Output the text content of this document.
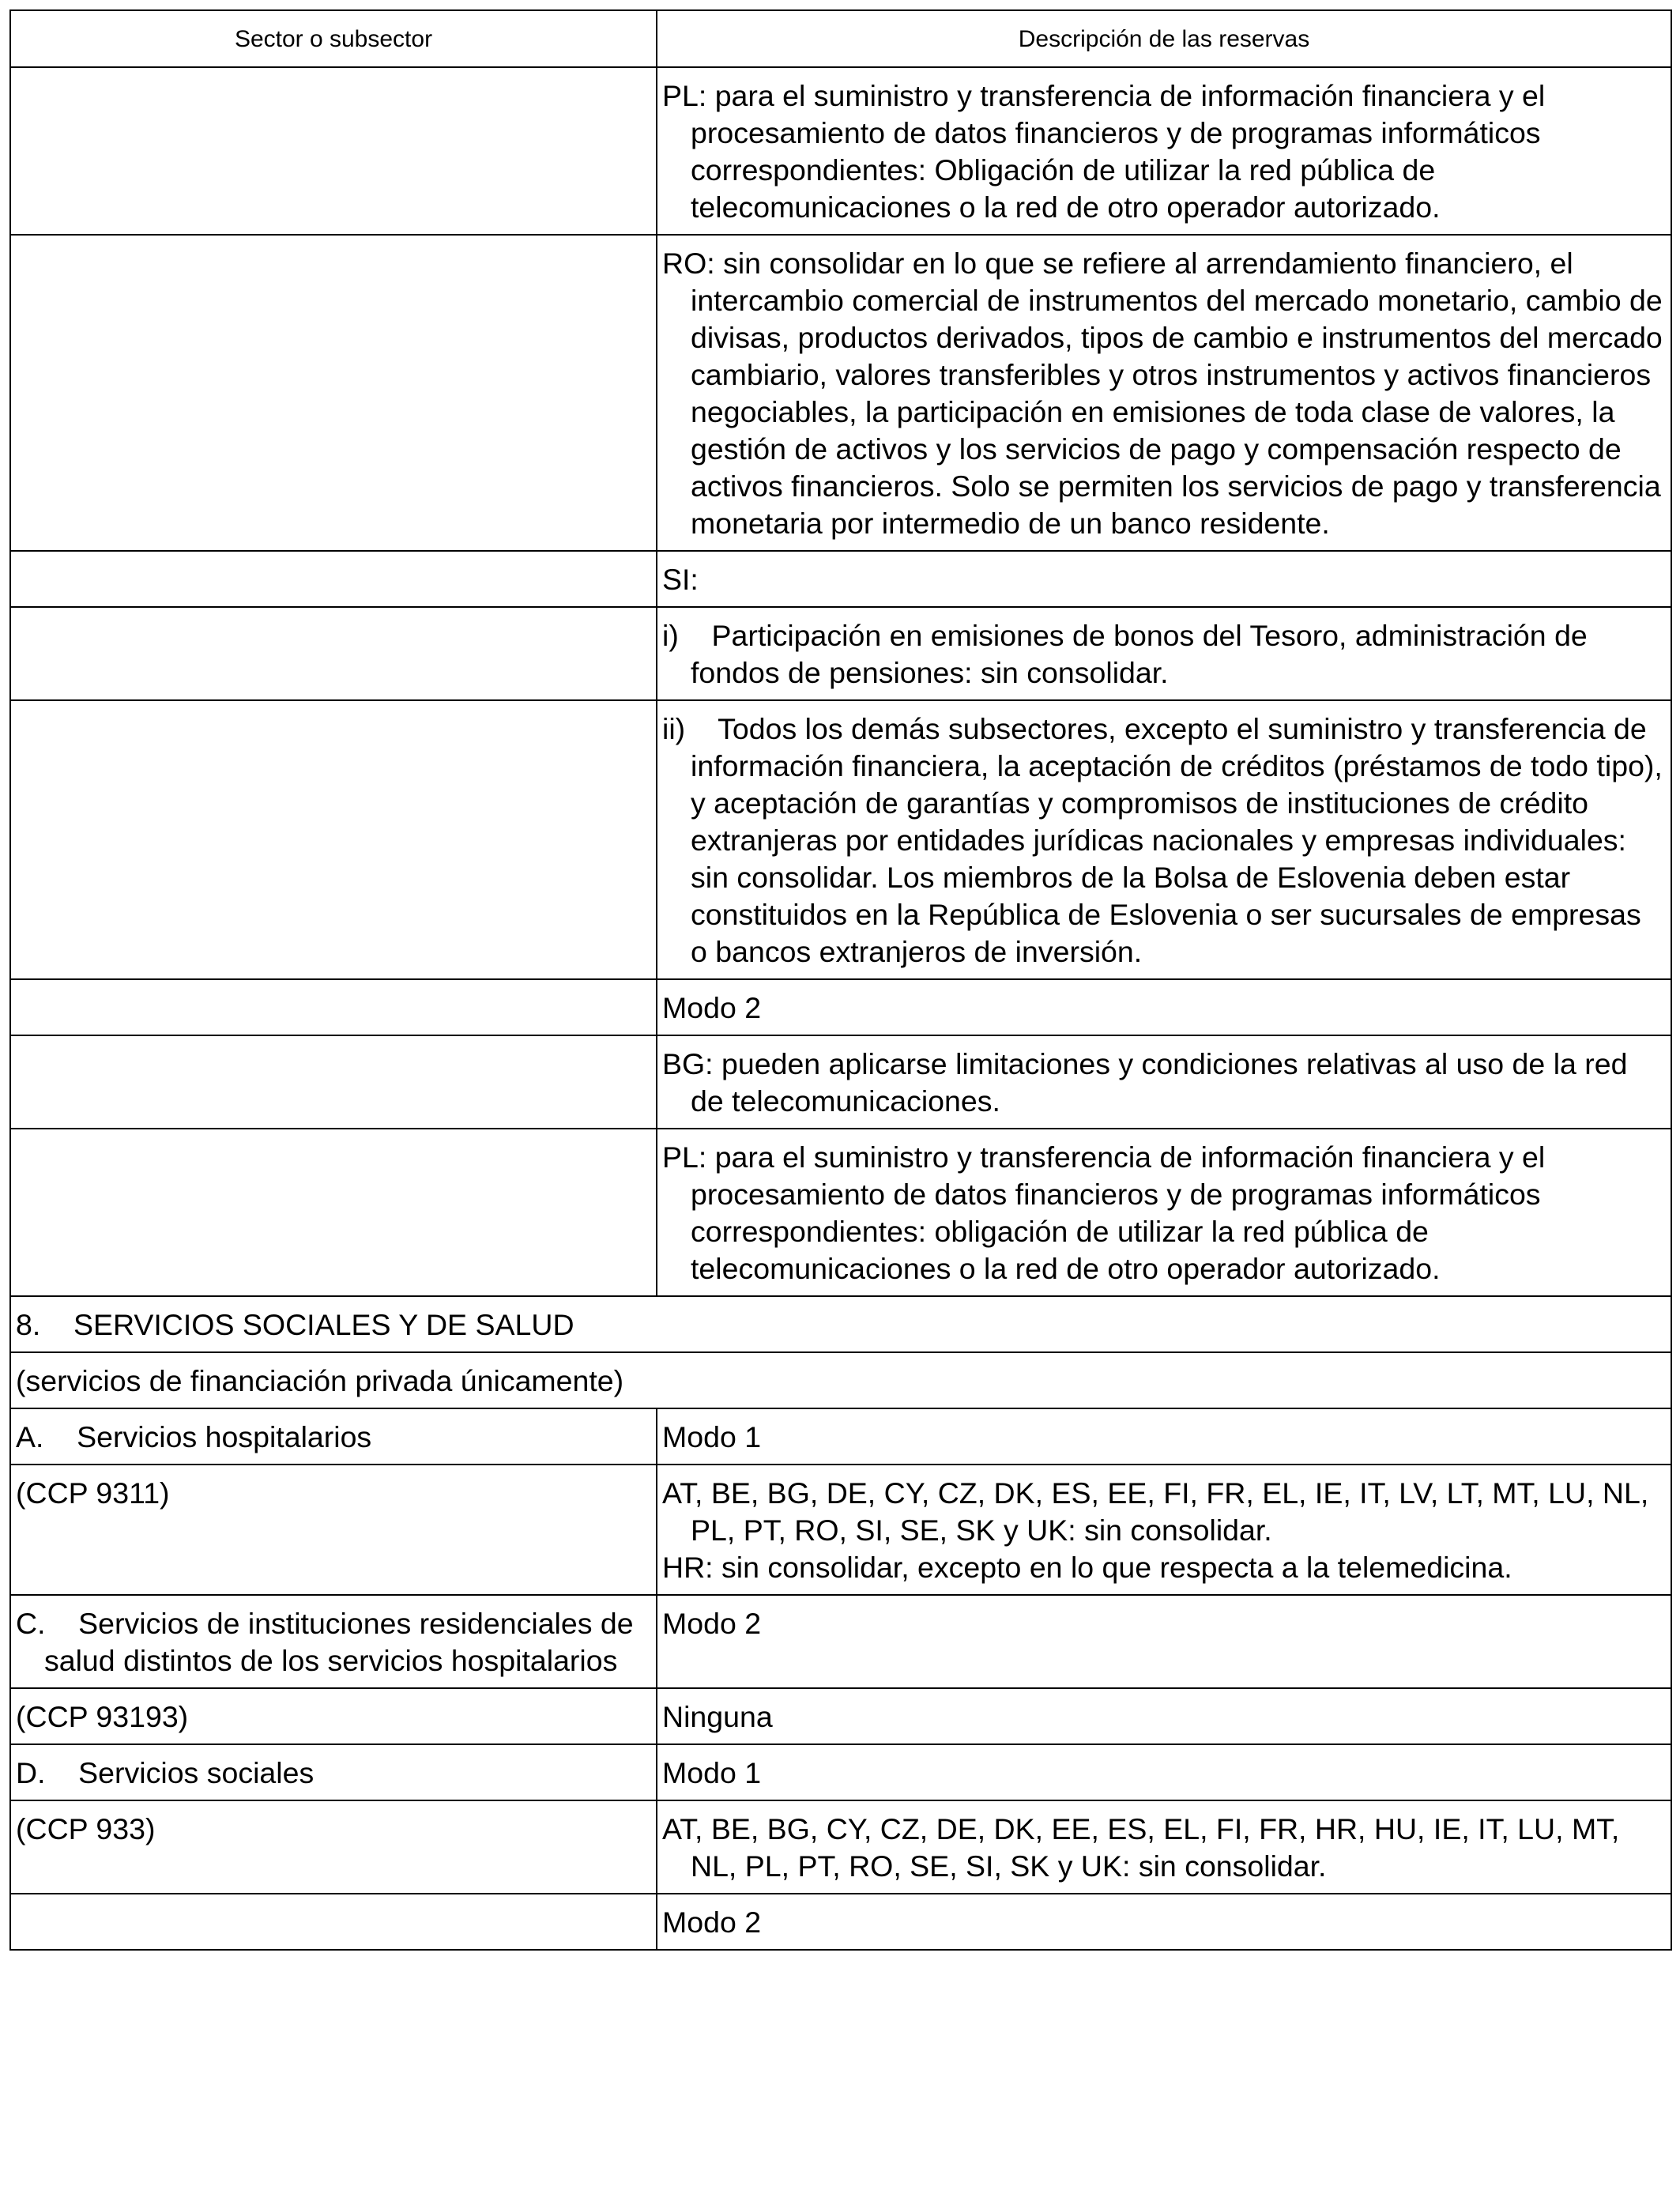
Sector o subsector	Descripción de las reservas

	PL: para el suministro y transferencia de información financiera y el procesamiento de datos financieros y de programas informáticos correspondientes: Obligación de utilizar la red pública de telecomunicaciones o la red de otro operador autorizado.

	RO: sin consolidar en lo que se refiere al arrendamiento financiero, el intercambio comercial de instrumentos del mercado monetario, cambio de divisas, productos derivados, tipos de cambio e instrumentos del mercado cambiario, valores transferibles y otros instrumentos y activos financieros negociables, la participación en emisiones de toda clase de valores, la gestión de activos y los servicios de pago y compensación respecto de activos financieros. Solo se permiten los servicios de pago y transferencia monetaria por intermedio de un banco residente.

	SI:

	i)    Participación en emisiones de bonos del Tesoro, administración de fondos de pensiones: sin consolidar.

	ii)    Todos los demás subsectores, excepto el suministro y transferencia de información financiera, la aceptación de créditos (préstamos de todo tipo), y aceptación de garantías y compromisos de instituciones de crédito extranjeras por entidades jurídicas nacionales y empresas individuales: sin consolidar. Los miembros de la Bolsa de Eslovenia deben estar constituidos en la República de Eslovenia o ser sucursales de empresas o bancos extranjeros de inversión.

	Modo 2

	BG: pueden aplicarse limitaciones y condiciones relativas al uso de la red de telecomunicaciones.

	PL: para el suministro y transferencia de información financiera y el procesamiento de datos financieros y de programas informáticos correspondientes: obligación de utilizar la red pública de telecomunicaciones o la red de otro operador autorizado.

8.    SERVICIOS SOCIALES Y DE SALUD	

(servicios de financiación privada únicamente)	

A.    Servicios hospitalarios	Modo 1

(CCP 9311)	AT, BE, BG, DE, CY, CZ, DK, ES, EE, FI, FR, EL, IE, IT, LV, LT, MT, LU, NL, PL, PT, RO, SI, SE, SK y UK: sin consolidar.
HR: sin consolidar, excepto en lo que respecta a la telemedicina.

C.    Servicios de instituciones residenciales de salud distintos de los servicios hospitalarios	Modo 2

(CCP 93193)	Ninguna

D.    Servicios sociales	Modo 1

(CCP 933)	AT, BE, BG, CY, CZ, DE, DK, EE, ES, EL, FI, FR, HR, HU, IE, IT, LU, MT, NL, PL, PT, RO, SE, SI, SK y UK: sin consolidar.

	Modo 2
